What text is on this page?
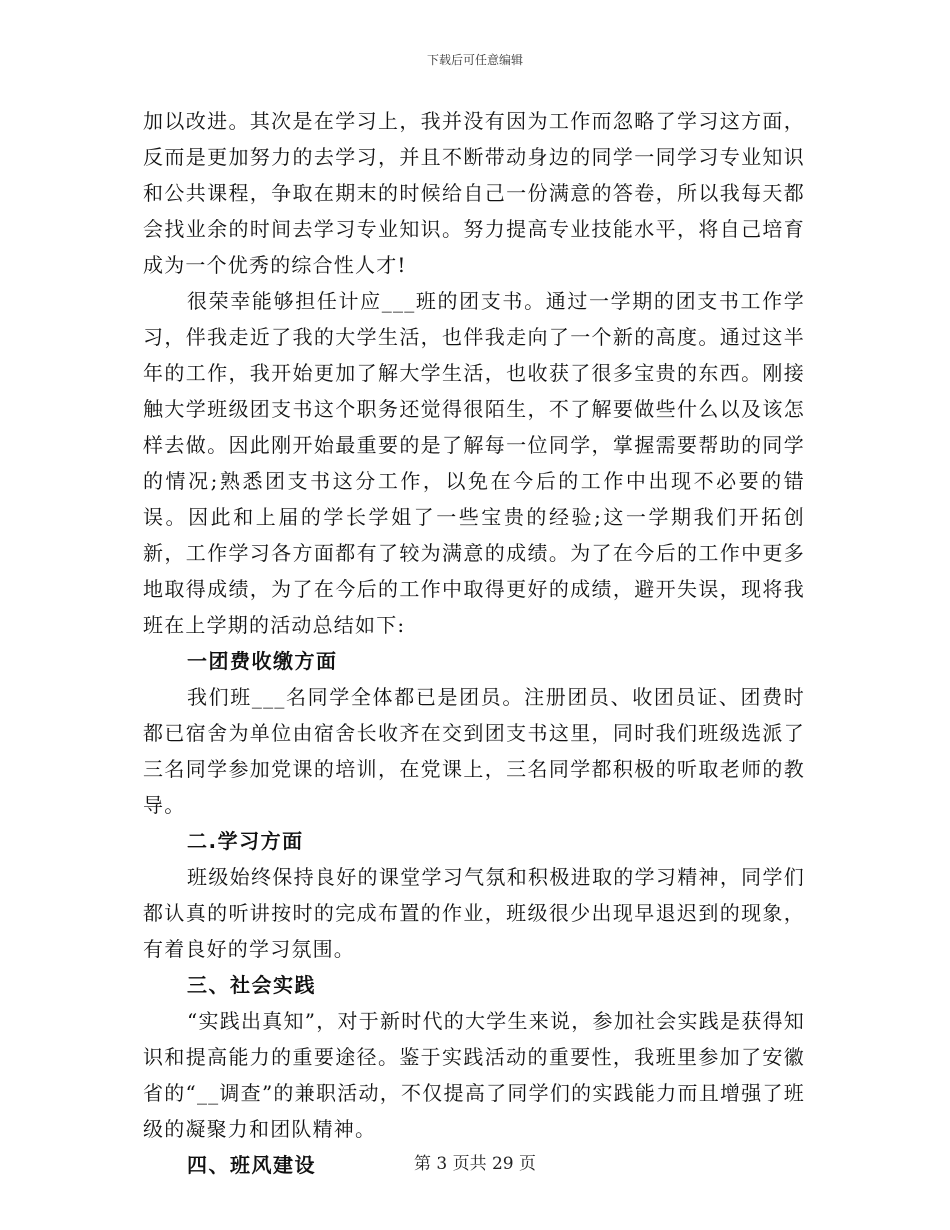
下载后可任意编辑

加以改进。其次是在学习上，我并没有因为工作而忽略了学习这方面，反而是更加努力的去学习，并且不断带动身边的同学一同学习专业知识和公共课程，争取在期末的时候给自己一份满意的答卷，所以我每天都会找业余的时间去学习专业知识。努力提高专业技能水平，将自己培育成为一个优秀的综合性人才!

很荣幸能够担任计应___班的团支书。通过一学期的团支书工作学习，伴我走近了我的大学生活，也伴我走向了一个新的高度。通过这半年的工作，我开始更加了解大学生活，也收获了很多宝贵的东西。刚接触大学班级团支书这个职务还觉得很陌生，不了解要做些什么以及该怎样去做。因此刚开始最重要的是了解每一位同学，掌握需要帮助的同学的情况;熟悉团支书这分工作，以免在今后的工作中出现不必要的错误。因此和上届的学长学姐了一些宝贵的经验;这一学期我们开拓创新，工作学习各方面都有了较为满意的成绩。为了在今后的工作中更多地取得成绩，为了在今后的工作中取得更好的成绩，避开失误，现将我班在上学期的活动总结如下:

一团费收缴方面

我们班___名同学全体都已是团员。注册团员、收团员证、团费时都已宿舍为单位由宿舍长收齐在交到团支书这里，同时我们班级选派了三名同学参加党课的培训，在党课上，三名同学都积极的听取老师的教导。

二.学习方面

班级始终保持良好的课堂学习气氛和积极进取的学习精神，同学们都认真的听讲按时的完成布置的作业，班级很少出现早退迟到的现象，有着良好的学习氛围。

三、社会实践

“实践出真知”，对于新时代的大学生来说，参加社会实践是获得知识和提高能力的重要途径。鉴于实践活动的重要性，我班里参加了安徽省的“__调查”的兼职活动，不仅提高了同学们的实践能力而且增强了班级的凝聚力和团队精神。

四、班风建设	第 3 页共 29 页
